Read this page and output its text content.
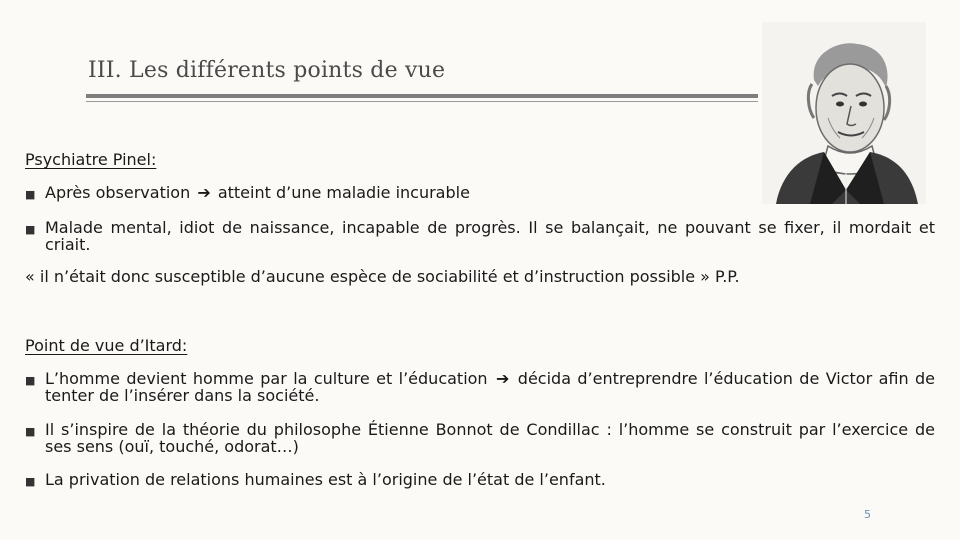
III. Les différents points de vue
Psychiatre Pinel:
■ Après observation ➔ atteint d’une maladie incurable
■ Malade mental, idiot de naissance, incapable de progrès. Il se balançait, ne pouvant se fixer, il mordait et criait.
« il n’était donc susceptible d’aucune espèce de sociabilité et d’instruction possible » P.P.
Point de vue d’Itard:
■ L’homme devient homme par la culture et l’éducation ➔ décida d’entreprendre l’éducation de Victor afin de tenter de l’insérer dans la société.
■ Il s’inspire de la théorie du philosophe Étienne Bonnot de Condillac : l’homme se construit par l’exercice de ses sens (ouï, touché, odorat…)
■ La privation de relations humaines est à l’origine de l’état de l’enfant.
5
